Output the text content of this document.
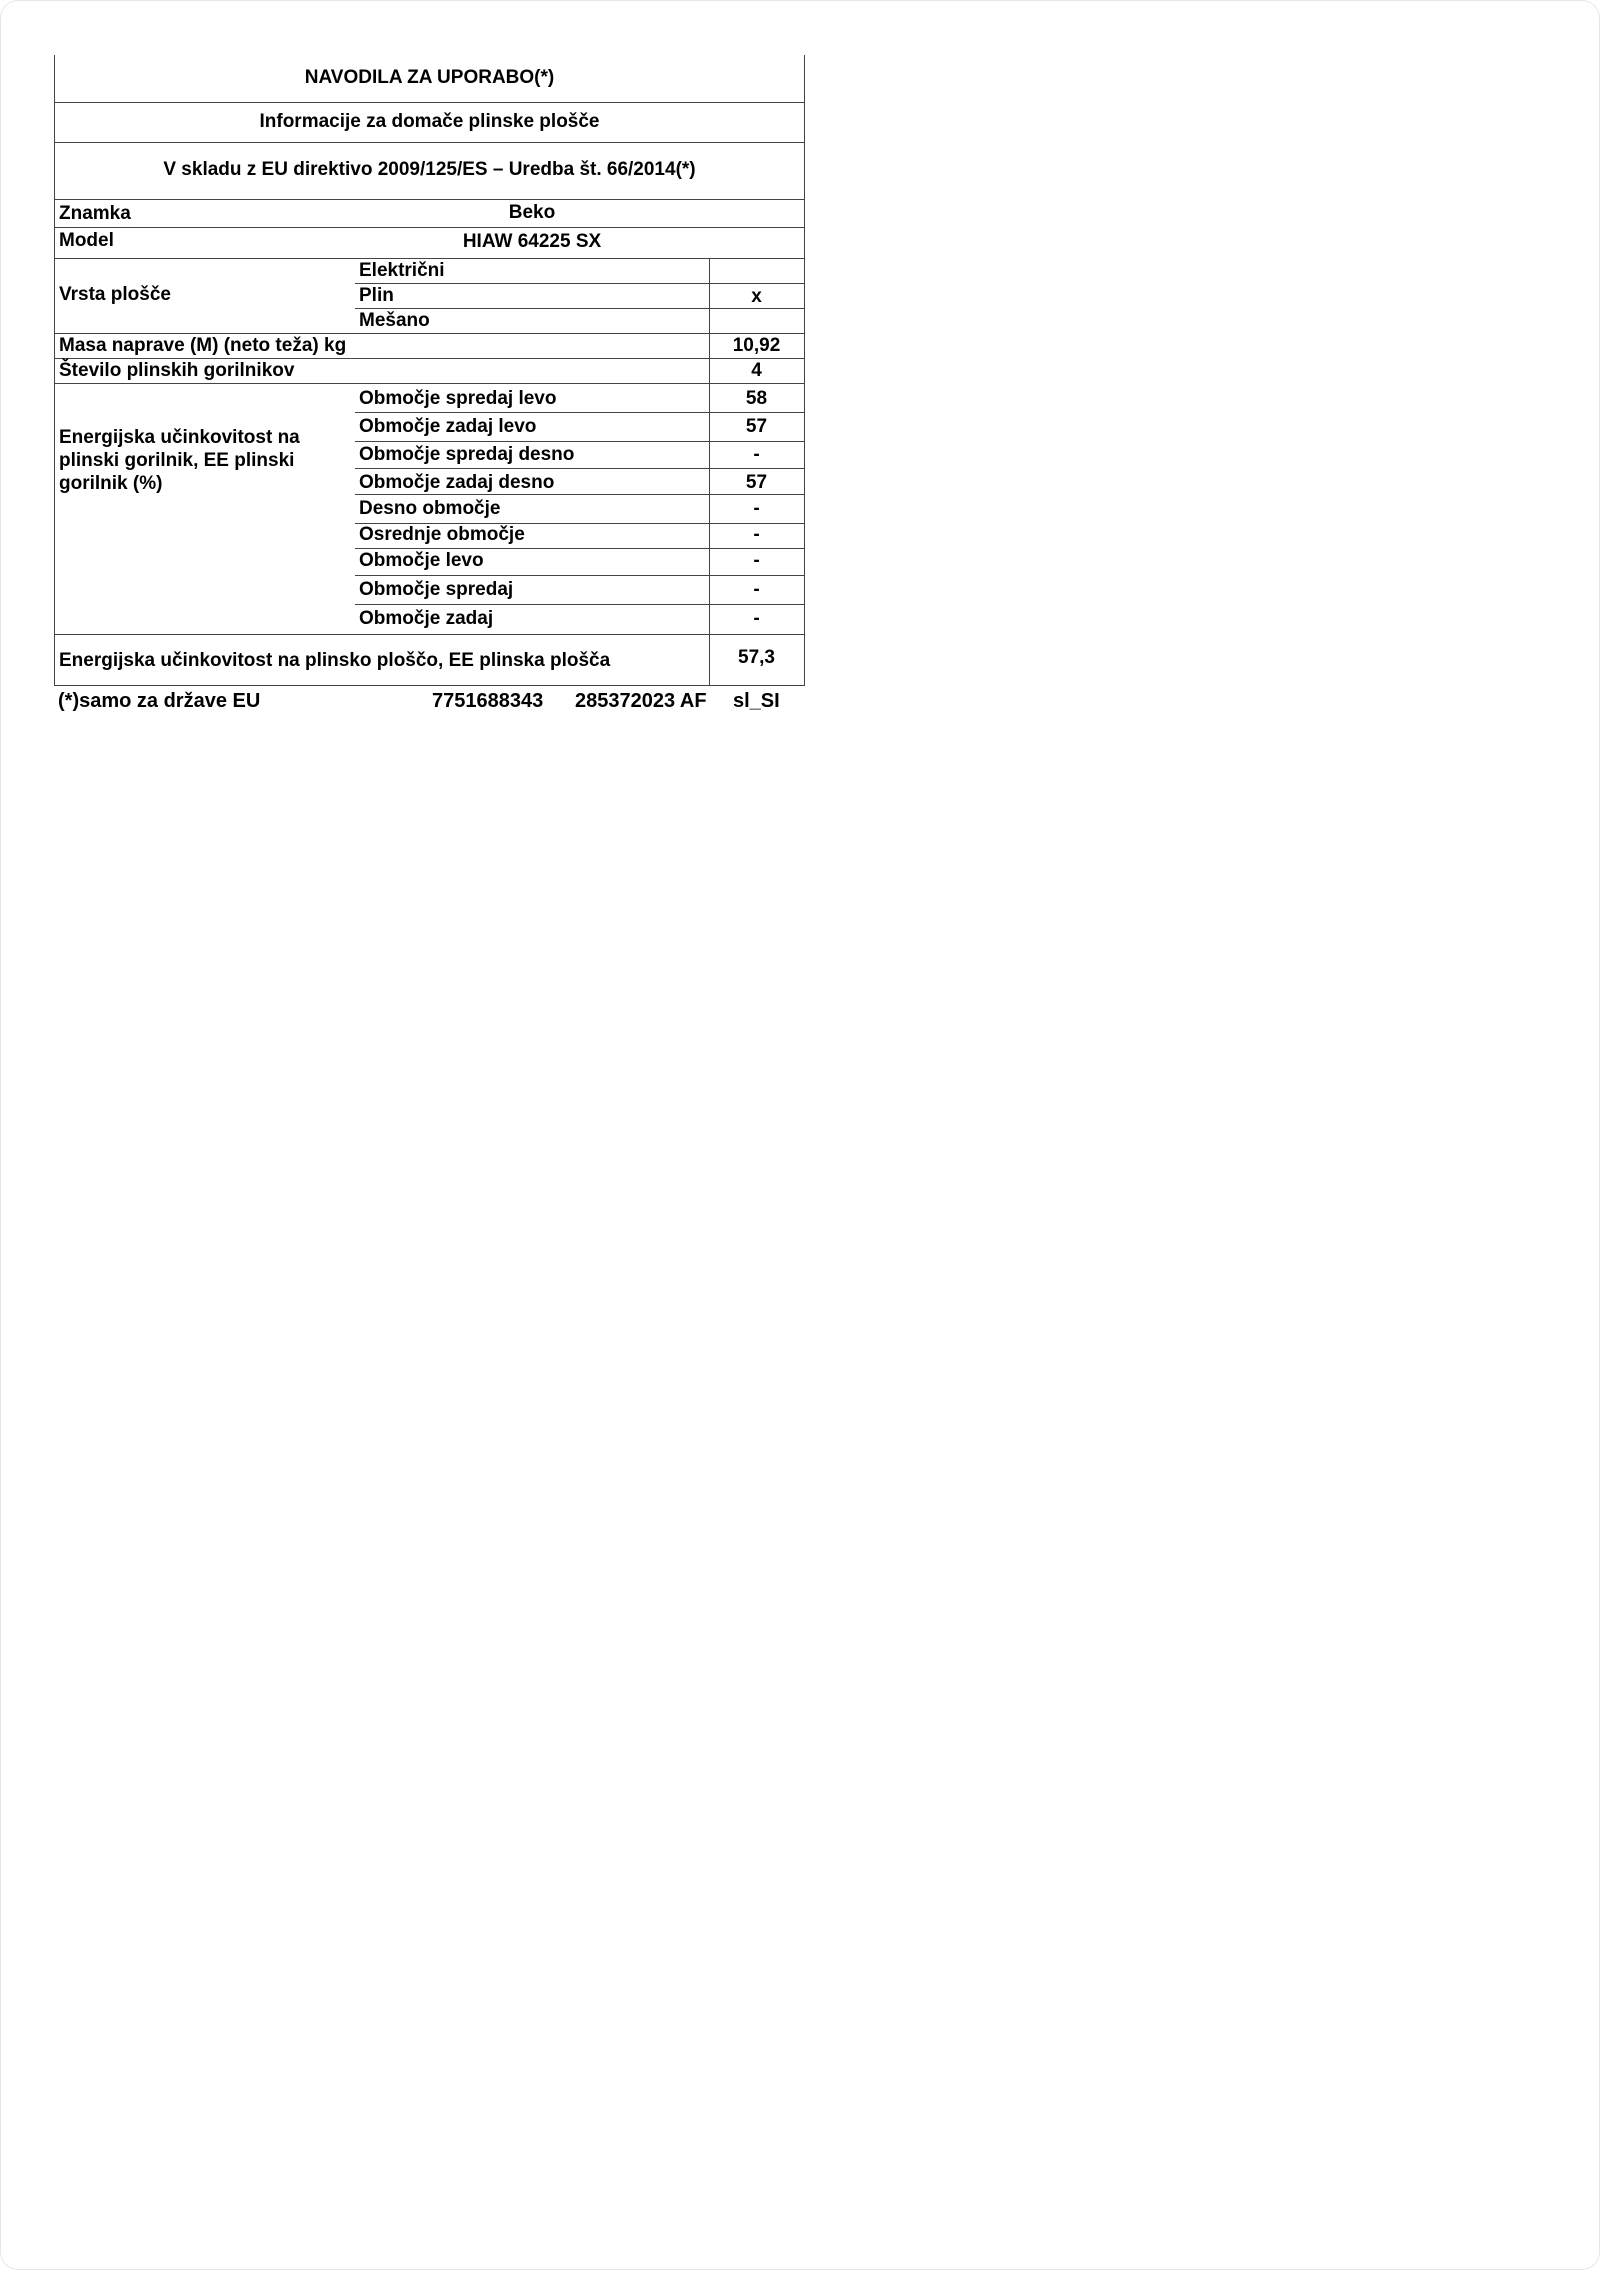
NAVODILA ZA UPORABO(*)
Informacije za domače plinske plošče
V skladu z EU direktivo 2009/125/ES – Uredba št. 66/2014(*)
Znamka	Beko
Model	HIAW 64225 SX
Vrsta plošče
Električni
Plin	x
Mešano
Masa naprave (M) (neto teža) kg	10,92
Število plinskih gorilnikov	4
Energijska učinkovitost na plinski gorilnik, EE plinski gorilnik (%)
Območje spredaj levo	58
Območje zadaj levo	57
Območje spredaj desno	-
Območje zadaj desno	57
Desno območje	-
Osrednje območje	-
Območje levo	-
Območje spredaj	-
Območje zadaj	-
Energijska učinkovitost na plinsko ploščo, EE plinska plošča	57,3
(*)samo za države EU	7751688343 285372023 AF sl_SI
